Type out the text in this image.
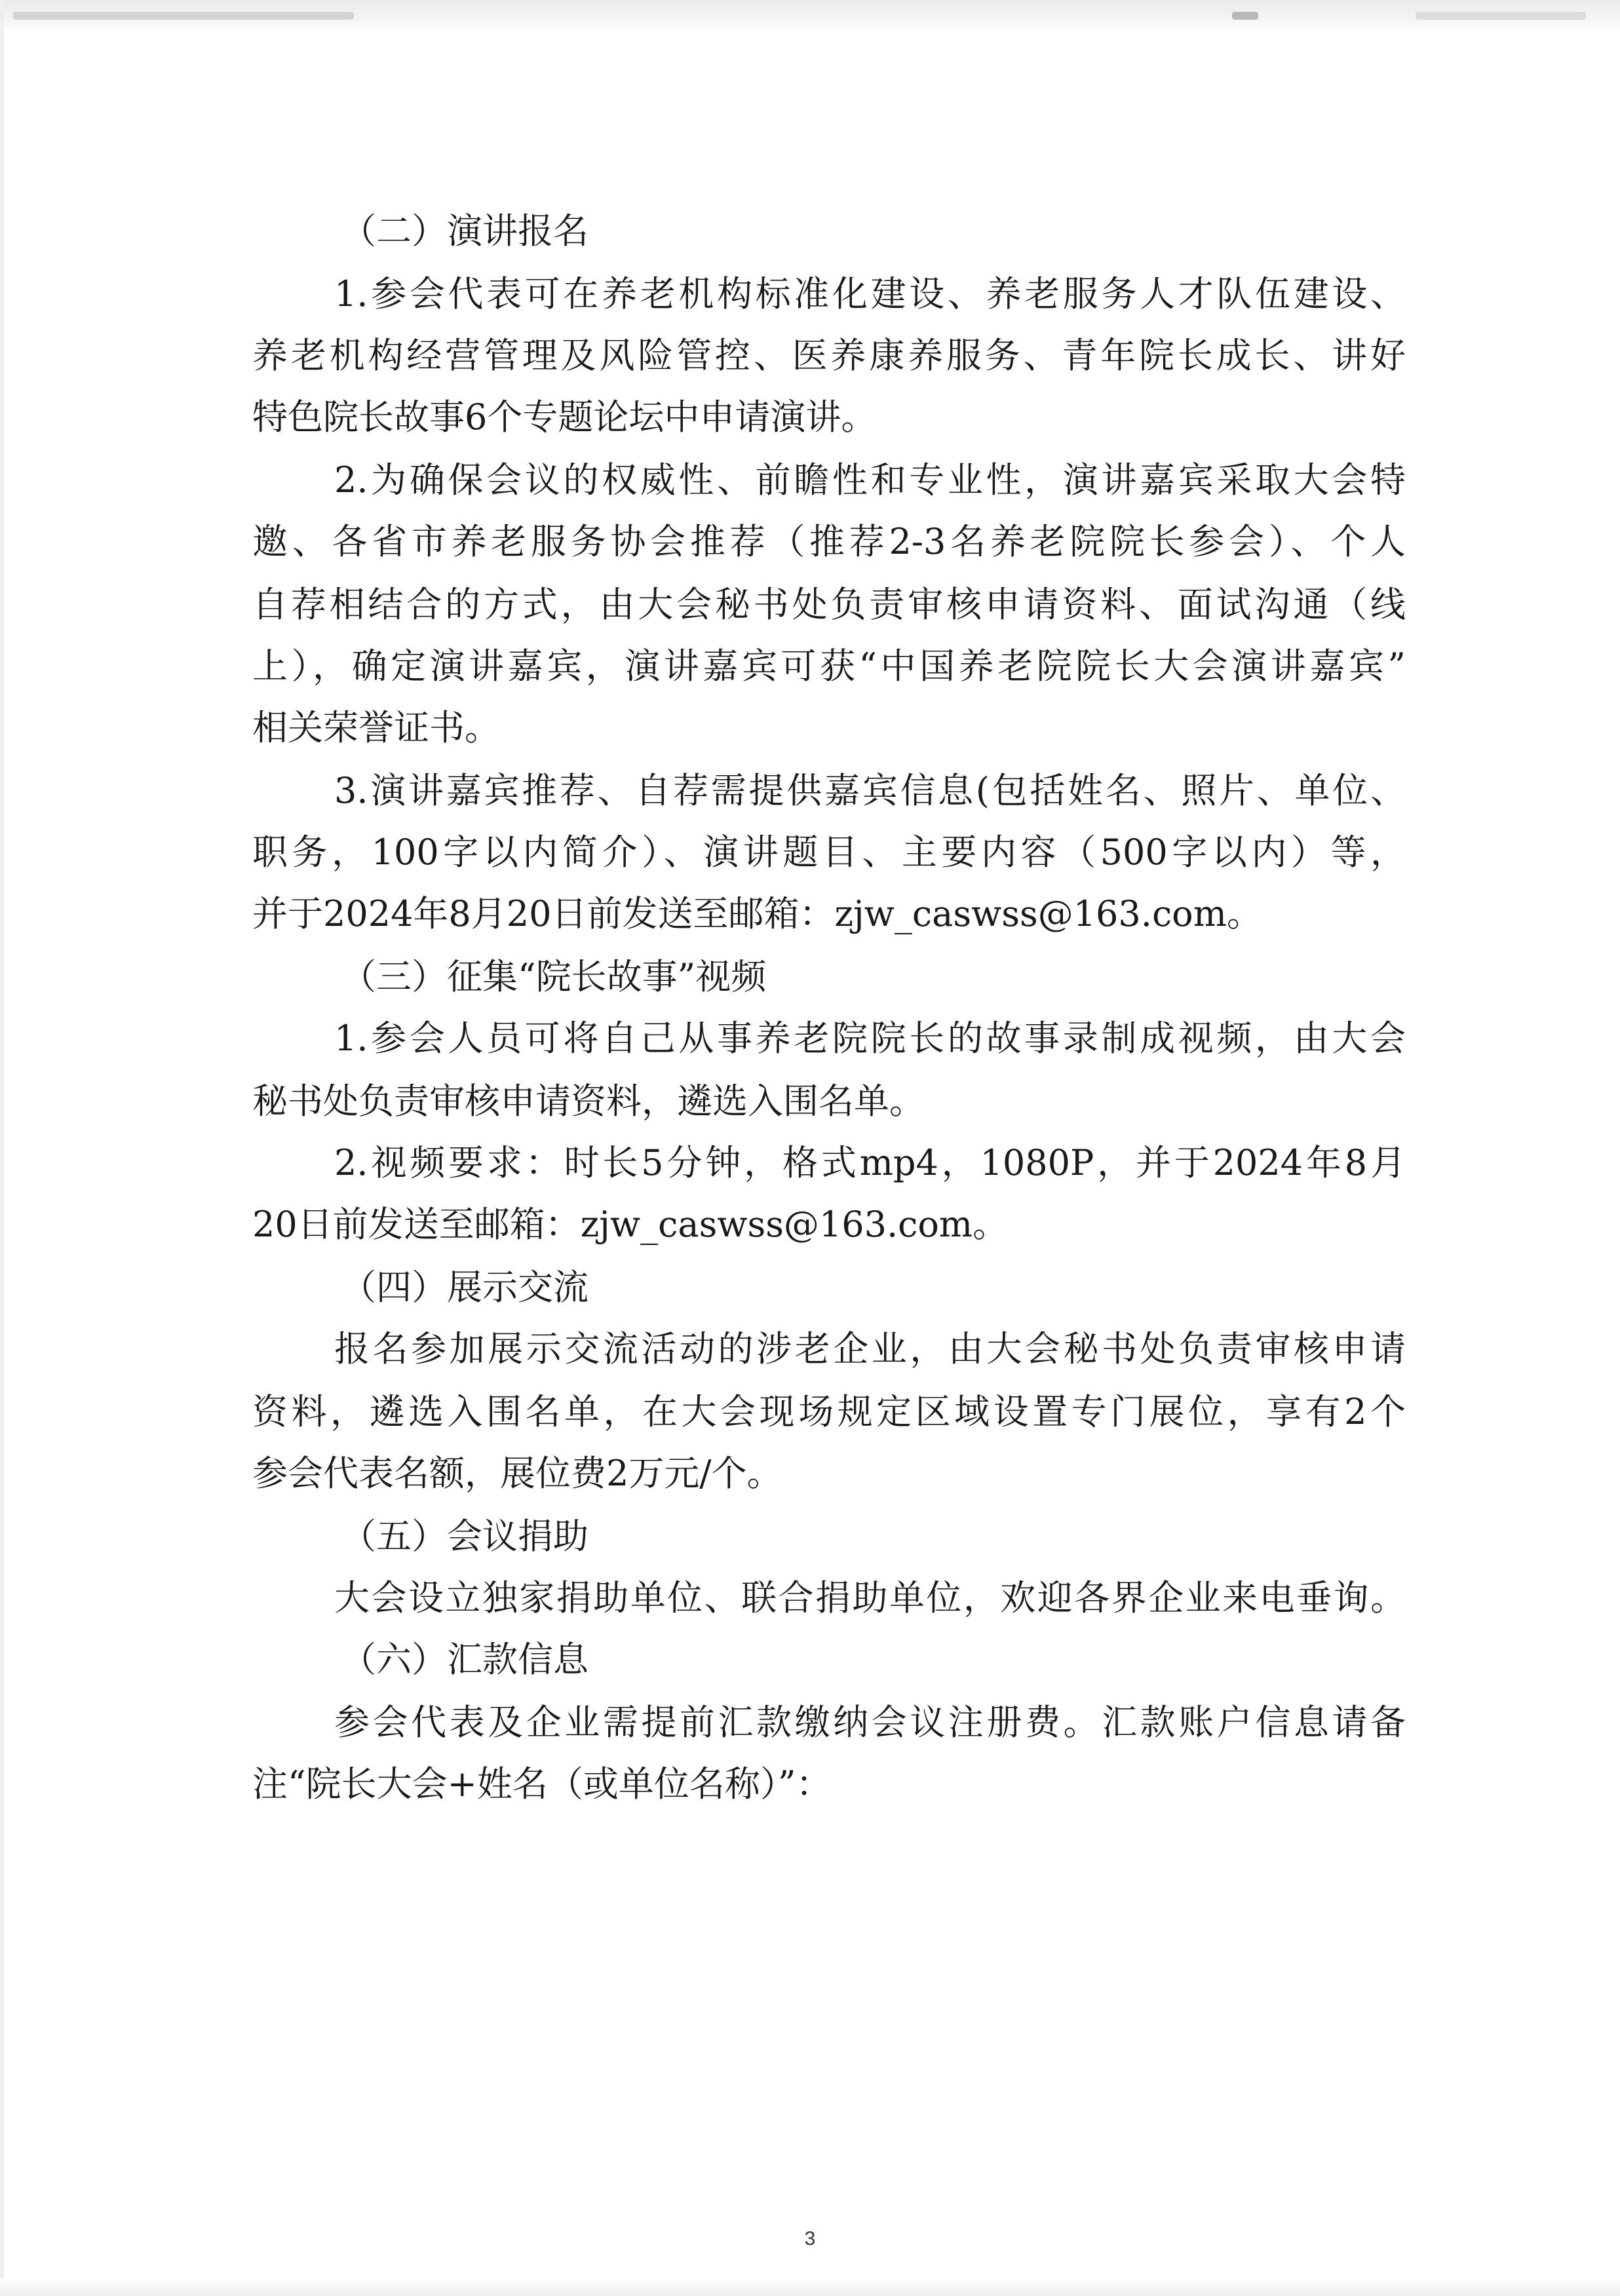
（二）演讲报名
1.参会代表可在养老机构标准化建设、养老服务人才队伍建设、
养老机构经营管理及风险管控、医养康养服务、青年院长成长、讲好
特色院长故事6个专题论坛中申请演讲。
2.为确保会议的权威性、前瞻性和专业性，演讲嘉宾采取大会特
邀、各省市养老服务协会推荐（推荐2-3名养老院院长参会）、个人
自荐相结合的方式，由大会秘书处负责审核申请资料、面试沟通（线
上），确定演讲嘉宾，演讲嘉宾可获“中国养老院院长大会演讲嘉宾”
相关荣誉证书。
3.演讲嘉宾推荐、自荐需提供嘉宾信息(包括姓名、照片、单位、
职务，100字以内简介）、演讲题目、主要内容（500字以内）等，
并于2024年8月20日前发送至邮箱：zjw_caswss@163.com。
（三）征集“院长故事”视频
1.参会人员可将自己从事养老院院长的故事录制成视频，由大会
秘书处负责审核申请资料，遴选入围名单。
2.视频要求：时长5分钟，格式mp4，1080P，并于2024年8月
20日前发送至邮箱：zjw_caswss@163.com。
（四）展示交流
报名参加展示交流活动的涉老企业，由大会秘书处负责审核申请
资料，遴选入围名单，在大会现场规定区域设置专门展位，享有2个
参会代表名额，展位费2万元/个。
（五）会议捐助
大会设立独家捐助单位、联合捐助单位，欢迎各界企业来电垂询。
（六）汇款信息
参会代表及企业需提前汇款缴纳会议注册费。汇款账户信息请备
注“院长大会+姓名（或单位名称）”：
3
